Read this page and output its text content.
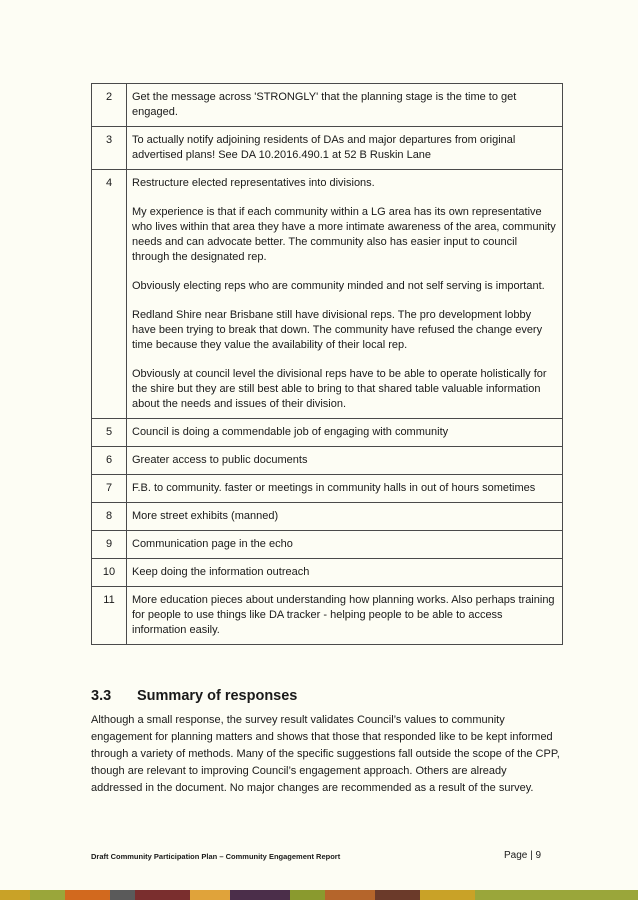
2	Get the message across 'STRONGLY' that the planning stage is the time to get engaged.

3	To actually notify adjoining residents of DAs and major departures from original advertised plans! See DA 10.2016.490.1 at 52 B Ruskin Lane

4	Restructure elected representatives into divisions.

My experience is that if each community within a LG area has its own representative who lives within that area they have a more intimate awareness of the area, community needs and can advocate better. The community also has easier input to council through the designated rep.

Obviously electing reps who are community minded and not self serving is important.

Redland Shire near Brisbane still have divisional reps. The pro development lobby have been trying to break that down. The community have refused the change every time because they value the availability of their local rep.

Obviously at council level the divisional reps have to be able to operate holistically for the shire but they are still best able to bring to that shared table valuable information about the needs and issues of their division.

5	Council is doing a commendable job of engaging with community

6	Greater access to public documents

7	F.B. to community. faster or meetings in community halls in out of hours sometimes

8	More street exhibits (manned)

9	Communication page in the echo

10	Keep doing the information outreach

11	More education pieces about understanding how planning works. Also perhaps training for people to use things like DA tracker - helping people to be able to access information easily.

3.3 Summary of responses

Although a small response, the survey result validates Council’s values to community engagement for planning matters and shows that those that responded like to be kept informed through a variety of methods. Many of the specific suggestions fall outside the scope of the CPP, though are relevant to improving Council’s engagement approach. Others are already addressed in the document. No major changes are recommended as a result of the survey.

Draft Community Participation Plan – Community Engagement Report	Page | 9
